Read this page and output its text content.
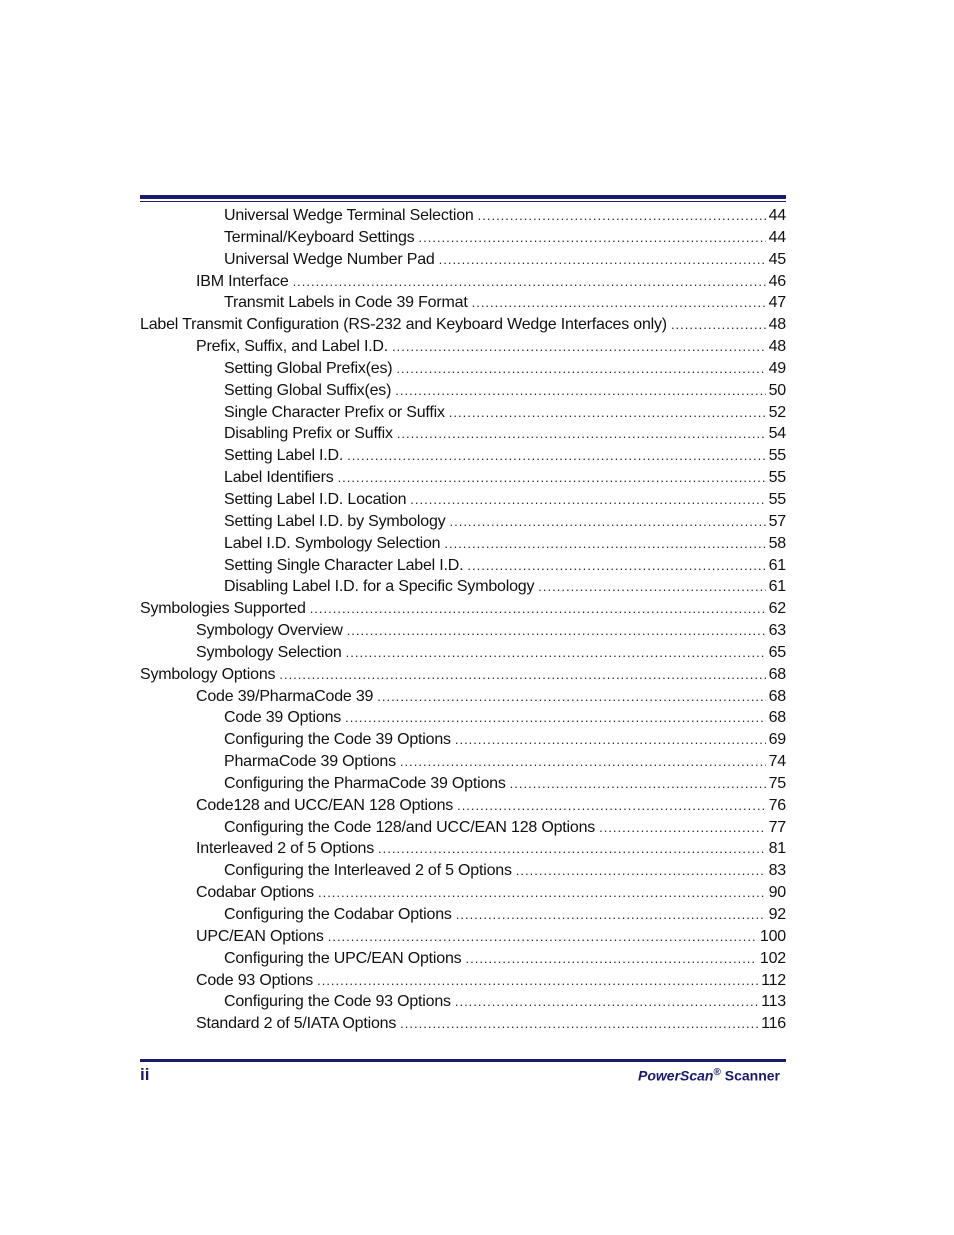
Universal Wedge Terminal Selection .....	44
Terminal/Keyboard Settings .....	44
Universal Wedge Number Pad .....	45
IBM Interface .....	46
Transmit Labels in Code 39 Format .....	47
Label Transmit Configuration (RS-232 and Keyboard Wedge Interfaces only) .....	48
Prefix, Suffix, and Label I.D. .....	48
Setting Global Prefix(es) .....	49
Setting Global Suffix(es) .....	50
Single Character Prefix or Suffix .....	52
Disabling Prefix or Suffix .....	54
Setting Label I.D. .....	55
Label Identifiers .....	55
Setting Label I.D. Location .....	55
Setting Label I.D. by Symbology .....	57
Label I.D. Symbology Selection .....	58
Setting Single Character Label I.D. .....	61
Disabling Label I.D. for a Specific Symbology .....	61
Symbologies Supported .....	62
Symbology Overview .....	63
Symbology Selection .....	65
Symbology Options .....	68
Code 39/PharmaCode 39 .....	68
Code 39 Options .....	68
Configuring the Code 39 Options .....	69
PharmaCode 39 Options .....	74
Configuring the PharmaCode 39 Options .....	75
Code128 and UCC/EAN 128 Options .....	76
Configuring the Code 128/and UCC/EAN 128 Options .....	77
Interleaved 2 of 5 Options .....	81
Configuring the Interleaved 2 of 5 Options .....	83
Codabar Options .....	90
Configuring the Codabar Options .....	92
UPC/EAN Options .....	100
Configuring the UPC/EAN Options .....	102
Code 93 Options .....	112
Configuring the Code 93 Options .....	113
Standard 2 of 5/IATA Options .....	116
ii	PowerScan® Scanner
